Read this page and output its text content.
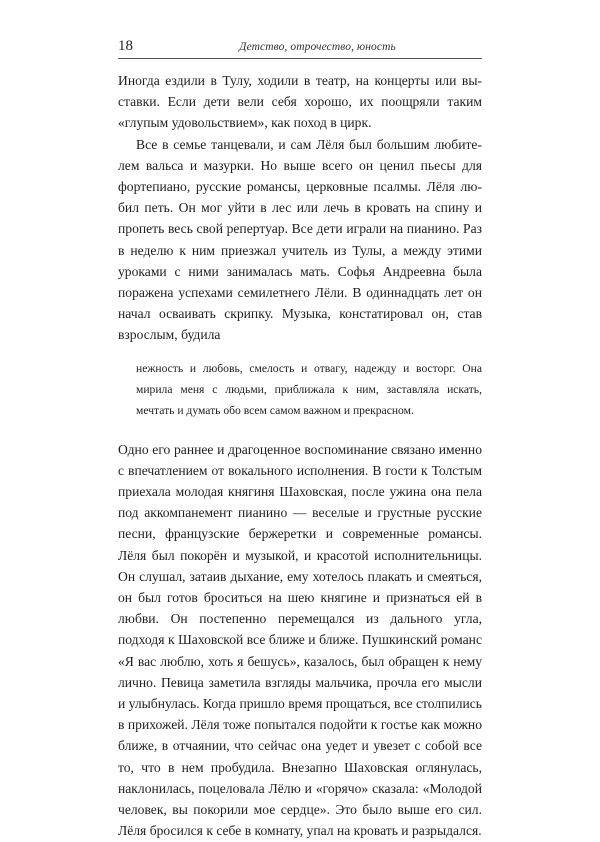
18	Детство, отрочество, юность

Иногда ездили в Тулу, ходили в театр, на концерты или выставки. Если дети вели себя хорошо, их поощряли таким «глупым удовольствием», как поход в цирк.

Все в семье танцевали, и сам Лёля был большим любителем вальса и мазурки. Но выше всего он ценил пьесы для фортепиано, русские романсы, церковные псалмы. Лёля любил петь. Он мог уйти в лес или лечь в кровать на спину и пропеть весь свой репертуар. Все дети играли на пианино. Раз в неделю к ним приезжал учитель из Тулы, а между этими уроками с ними занималась мать. Софья Андреевна была поражена успехами семилетнего Лёли. В одиннадцать лет он начал осваивать скрипку. Музыка, констатировал он, став взрослым, будила

нежность и любовь, смелость и отвагу, надежду и восторг. Она мирила меня с людьми, приближала к ним, заставляла искать, мечтать и думать обо всем самом важном и прекрасном.

Одно его раннее и драгоценное воспоминание связано именно с впечатлением от вокального исполнения. В гости к Толстым приехала молодая княгиня Шаховская, после ужина она пела под аккомпанемент пианино — веселые и грустные русские песни, французские бержеретки и современные романсы. Лёля был покорён и музыкой, и красотой исполнительницы. Он слушал, затаив дыхание, ему хотелось плакать и смеяться, он был готов броситься на шею княгине и признаться ей в любви. Он постепенно перемещался из дального угла, подходя к Шаховской все ближе и ближе. Пушкинский романс «Я вас люблю, хоть я бешусь», казалось, был обращен к нему лично. Певица заметила взгляды мальчика, прочла его мысли и улыбнулась. Когда пришло время прощаться, все столпились в прихожей. Лёля тоже попытался подойти к гостье как можно ближе, в отчаянии, что сейчас она уедет и увезет с собой все то, что в нем пробудила. Внезапно Шаховская оглянулась, наклонилась, поцеловала Лёлю и «горячо» сказала: «Молодой человек, вы покорили мое сердце». Это было выше его сил. Лёля бросился к себе в комнату, упал на кровать и разрыдался.
